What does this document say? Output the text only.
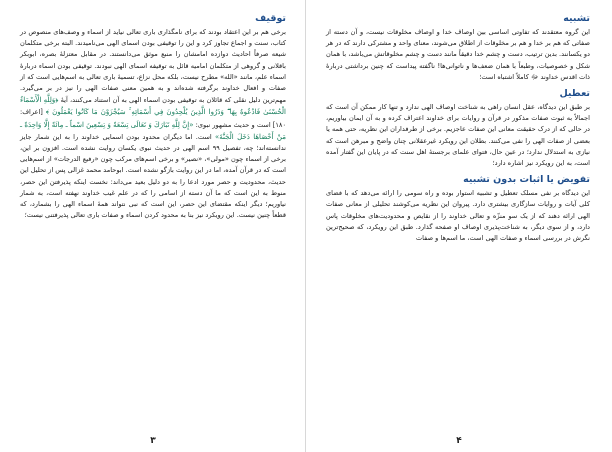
توقیف

برخی هم بر این اعتقاد بودند که برای نامگذاری باری تعالی نیاید از اسماء و وصف‌های منصوص در کتاب، سنت و اجماع تجاوز کرد و این را توقیفی بودن اسمای الهی می‌نامیدند. البته برخی متکلمان شیعه صرفاً احادیث دوازده امامشان را منبع موثق می‌دانستند. در مقابل معتزلهٔ بصره، ابوبکر باقلانی و گروهی از متکلمان امامیه قائل به توقیفه اسمای الهی نبودند. توقیفی بودن اسماء دربارهٔ اسماء علم، مانند «الله» مطرح نیست، بلکه محل نزاع، تسمیهٔ باری تعالی به اسم‌هایی است که از صفات و افعال خداوند برگرفته شده‌اند و به همین معنی صفات الهی را نیز در بر می‌گیرد. مهم‌ترین دلیل نقلی که قائلان به توقیفی بودن اسماء الهی به آن استناد می‌کنند، آیهٔ ﴿وَلِلَّهِ الْأَسْمَاءُ الْحُسْنَىٰ فَادْعُوهُ بِهَا ۖ وَذَرُوا الَّذِينَ يُلْحِدُونَ فِي أَسْمَائِهِ ۚ سَيُجْزَوْنَ مَا كَانُوا يَعْمَلُونَ ﴾ [اعراف: ۱۸۰] است و حدیث مشهور نبوی: «إِنَّ لِلَّهِ تَبَارَكَ وَ تَعَالَى تِسْعَةً وَ تِسْعِينَ اسْماً ـ مِائَةً إِلَّا وَاحِدَةً ـ مَنْ أَحْصَاهَا دَخَلَ الْجَنَّةَ» است. اما دیگران محدود بودن اسمایی خداوند را به این شمار جایز ندانسته‌اند؛ چه، تفصیل ۹۹ اسم الهی در حدیث نبوی یکسان روایت نشده است. افزون بر این، برخی از اسماء چون «مولی»، «نصیر» و برخی اسم‌های مرکب چون «رفیع الدرجات» از اسم‌هایی است که در قرآن آمده، اما در این روایت بازگو نشده است. ابوحامد محمد غزالی پس از تحلیل این حدیث، محدودیت و حصر مورد ادعا را به دو دلیل بعید می‌داند: نخست اینکه پذیرفتن این حصر، منوط به این است که ما آن دسته از اسامی را که در علم غیب خداوند نهفته است، به شمار نیاوریم؛ دیگر اینکه مقتضای این حصر، این است که نبی نتواند همهٔ اسماء الهی را بشمارد، که قطعاً چنین نیست. این رویکرد نیز بنا به محدود کردن اسماء و صفات باری تعالی پذیرفتنی نیست؛

۳
تشبیه

این گروه معتقدند که تفاوتی اساسی بین اوصاف خدا و اوصاف مخلوقات نیست، و آن دسته از صفاتی که هم بر خدا و هم بر مخلوقات از اطلاق می‌شوند، معنای واحد و مشترکی دارند که در هر دو یکسانند. بدین ترتیب، دست و چشم خدا دقیقاً مانند دست و چشم مخلوقاتش می‌باشد، با همان شکل و خصوصیات، وطبعاً با همان ضعف‌ها و ناتوانی‌ها! ناگفته پیداست که چنین برداشتی دربارهٔ ذات اقدس خداوند ﷻ کاملاً اشتباه است؛

تعطیل

بر طبق این دیدگاه، عقل انسان راهی به شناخت اوصاف الهی ندارد و تنها کار ممکن آن است که اجمالاً به ثبوت صفات مذکور در قرآن و روایات برای خداوند اعتراف کرده و به آن ایمان بیاوریم، در حالی که از درک حقیقت معانی این صفات عاجزیم. برخی از طرفداران این نظریه، حتی همه یا بعضی از صفات الهی را نفی می‌کنند. بطلان این رویکرد غیرعقلانی چنان واضح و مبرهن است که نیازی به استدلال ندارد؛ در عین حال، فتوای علمای برجستهٔ اهل سنت که در پایان این گفتار آمده است، به این رویکرد نیز اشاره دارد؛

تفویض یا اثبات بدون تشبیه

این دیدگاه بر نفی مسلک تعطیل و تشبیه استوار بوده و راه سومی را ارائه می‌دهد که با فضای کلی آیات و روایات سازگاری بیشتری دارد. پیروان این نظریه می‌کوشند تحلیلی از معانی صفات الهی ارائه دهند که از یک سو منزّه و تعالی خداوند را از نقایص و محدودیت‌های مخلوقات پاس دارد، و از سوی دیگر، به شناخت‌پذیری اوصاف او صفحه گذارد. طبق این رویکرد، که صحیح‌ترین نگرش در بررسی اسماء و صفات الهی است، ما اسم‌ها و صفات

۴
